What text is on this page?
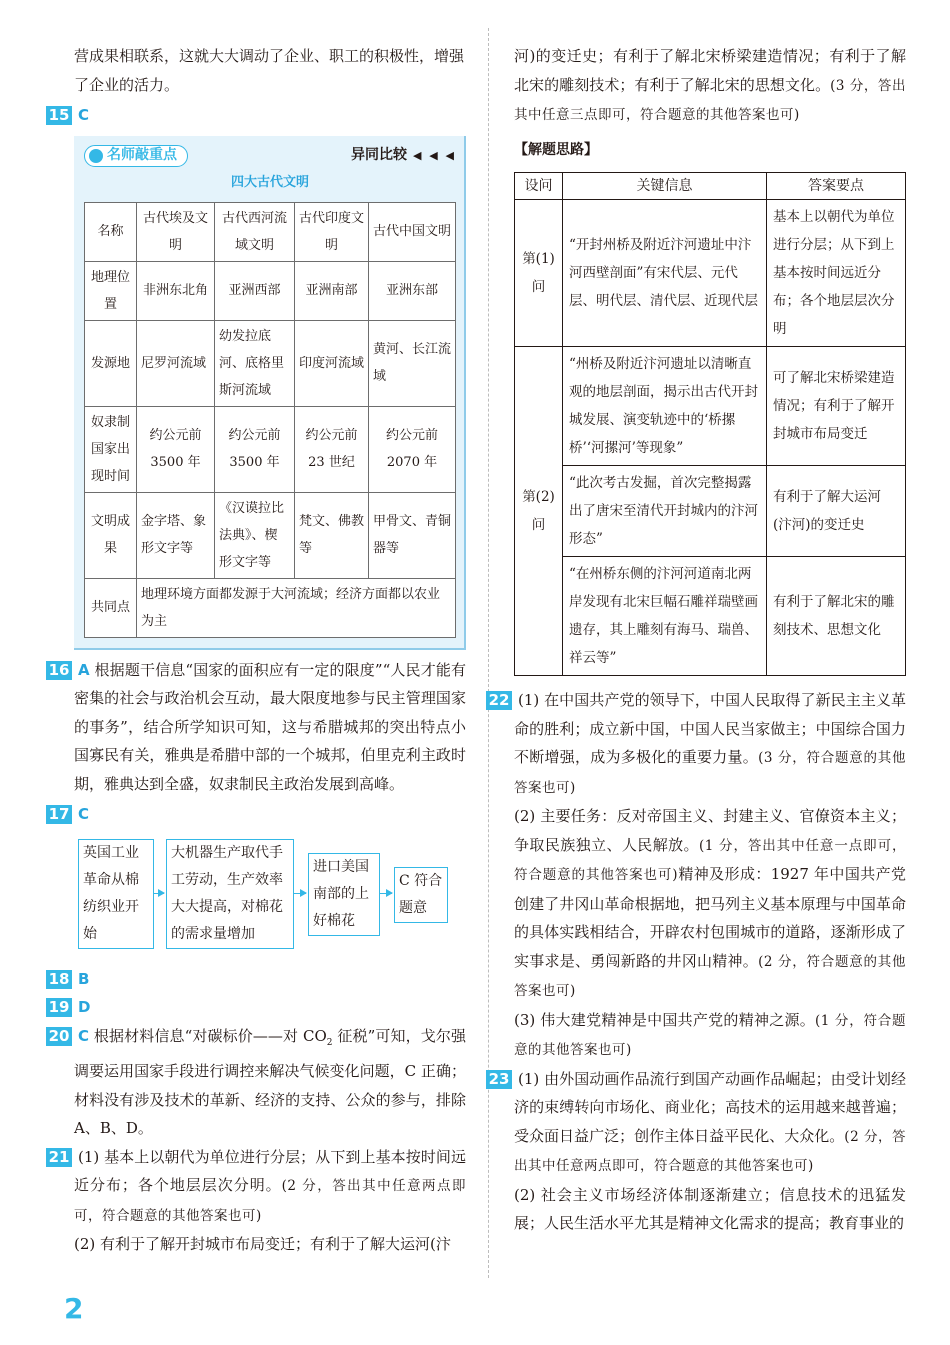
营成果相联系，这就大大调动了企业、职工的积极性，增强

了企业的活力。

15 C

名师敲重点	异同比较 ◀ ◀ ◀
四大古代文明
名称	古代埃及文明	古代西河流域文明	古代印度文明	古代中国文明
地理位置	非洲东北角	亚洲西部	亚洲南部	亚洲东部
发源地	尼罗河流域	幼发拉底河、底格里斯河流域	印度河流域	黄河、长江流域
奴隶制国家出现时间	约公元前 3500 年	约公元前 3500 年	约公元前 23 世纪	约公元前 2070 年
文明成果	金字塔、象形文字等	《汉谟拉比法典》、楔形文字等	梵文、佛教等	甲骨文、青铜器等
共同点	地理环境方面都发源于大河流域；经济方面都以农业为主			

16 A 根据题干信息“国家的面积应有一定的限度”“人民才能有密集的社会与政治机会互动，最大限度地参与民主管理国家的事务”，结合所学知识可知，这与希腊城邦的突出特点小国寡民有关，雅典是希腊中部的一个城邦，伯里克利主政时期，雅典达到全盛，奴隶制民主政治发展到高峰。

17 C

英国工业革命从棉纺织业开始
大机器生产取代手工劳动，生产效率大大提高，对棉花的需求量增加
进口美国南部的上好棉花
C 符合题意

18 B

19 D

20 C 根据材料信息“对碳标价——对 $CO_2$ 征税”可知，戈尔强调要运用国家手段进行调控来解决气候变化问题，C 正确；材料没有涉及技术的革新、经济的支持、公众的参与，排除 A、B、D。

21 (1) 基本上以朝代为单位进行分层；从下到上基本按时间远近分布；各个地层层次分明。(2 分，答出其中任意两点即可，符合题意的其他答案也可)

(2) 有利于了解开封城市布局变迁；有利于了解大运河(汴

河)的变迁史；有利于了解北宋桥梁建造情况；有利于了解北宋的雕刻技术；有利于了解北宋的思想文化。(3 分，答出其中任意三点即可，符合题意的其他答案也可)

【解题思路】
设问	关键信息	答案要点
第(1)问	“开封州桥及附近汴河遗址中汴河西壁剖面”有宋代层、元代层、明代层、清代层、近现代层	基本上以朝代为单位进行分层；从下到上基本按时间远近分布；各个地层层次分明
第(2)问	“州桥及附近汴河遗址以清晰直观的地层剖面，揭示出古代开封城发展、演变轨迹中的‘桥摞桥’‘河摞河’等现象”	可了解北宋桥梁建造情况；有利于了解开封城市布局变迁
	“此次考古发掘，首次完整揭露出了唐宋至清代开封城内的汴河形态”	有利于了解大运河(汴河)的变迁史
	“在州桥东侧的汴河河道南北两岸发现有北宋巨幅石雕祥瑞壁画遗存，其上雕刻有海马、瑞兽、祥云等”	有利于了解北宋的雕刻技术、思想文化

22 (1) 在中国共产党的领导下，中国人民取得了新民主主义革命的胜利；成立新中国，中国人民当家做主；中国综合国力不断增强，成为多极化的重要力量。(3 分，符合题意的其他答案也可)

(2) 主要任务：反对帝国主义、封建主义、官僚资本主义；争取民族独立、人民解放。(1 分，答出其中任意一点即可，符合题意的其他答案也可)精神及形成：1927 年中国共产党创建了井冈山革命根据地，把马列主义基本原理与中国革命的具体实践相结合，开辟农村包围城市的道路，逐渐形成了实事求是、勇闯新路的井冈山精神。(2 分，符合题意的其他答案也可)

(3) 伟大建党精神是中国共产党的精神之源。(1 分，符合题意的其他答案也可)

23 (1) 由外国动画作品流行到国产动画作品崛起；由受计划经济的束缚转向市场化、商业化；高技术的运用越来越普遍；受众面日益广泛；创作主体日益平民化、大众化。(2 分，答出其中任意两点即可，符合题意的其他答案也可)

(2) 社会主义市场经济体制逐渐建立；信息技术的迅猛发展；人民生活水平尤其是精神文化需求的提高；教育事业的

2
